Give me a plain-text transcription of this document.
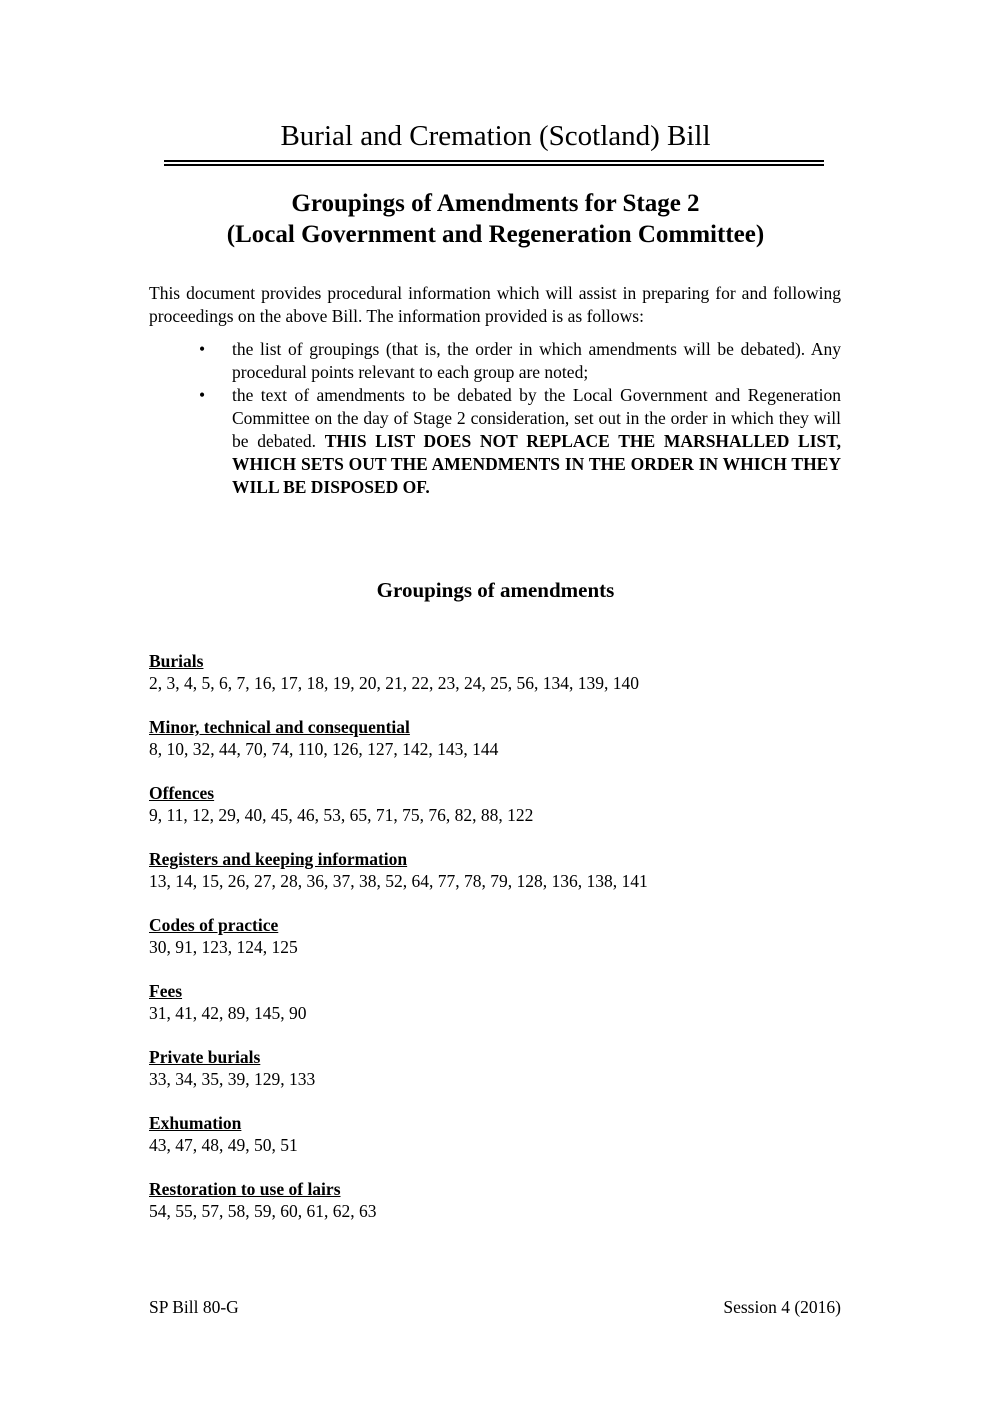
Burial and Cremation (Scotland) Bill
Groupings of Amendments for Stage 2
(Local Government and Regeneration Committee)

This document provides procedural information which will assist in preparing for and following proceedings on the above Bill. The information provided is as follows:

• the list of groupings (that is, the order in which amendments will be debated). Any procedural points relevant to each group are noted;

• the text of amendments to be debated by the Local Government and Regeneration Committee on the day of Stage 2 consideration, set out in the order in which they will be debated. THIS LIST DOES NOT REPLACE THE MARSHALLED LIST, WHICH SETS OUT THE AMENDMENTS IN THE ORDER IN WHICH THEY WILL BE DISPOSED OF.

Groupings of amendments
Burials
2, 3, 4, 5, 6, 7, 16, 17, 18, 19, 20, 21, 22, 23, 24, 25, 56, 134, 139, 140
Minor, technical and consequential
8, 10, 32, 44, 70, 74, 110, 126, 127, 142, 143, 144
Offences
9, 11, 12, 29, 40, 45, 46, 53, 65, 71, 75, 76, 82, 88, 122
Registers and keeping information
13, 14, 15, 26, 27, 28, 36, 37, 38, 52, 64, 77, 78, 79, 128, 136, 138, 141
Codes of practice
30, 91, 123, 124, 125
Fees
31, 41, 42, 89, 145, 90
Private burials
33, 34, 35, 39, 129, 133
Exhumation
43, 47, 48, 49, 50, 51
Restoration to use of lairs
54, 55, 57, 58, 59, 60, 61, 62, 63
SP Bill 80-G	Session 4 (2016)
